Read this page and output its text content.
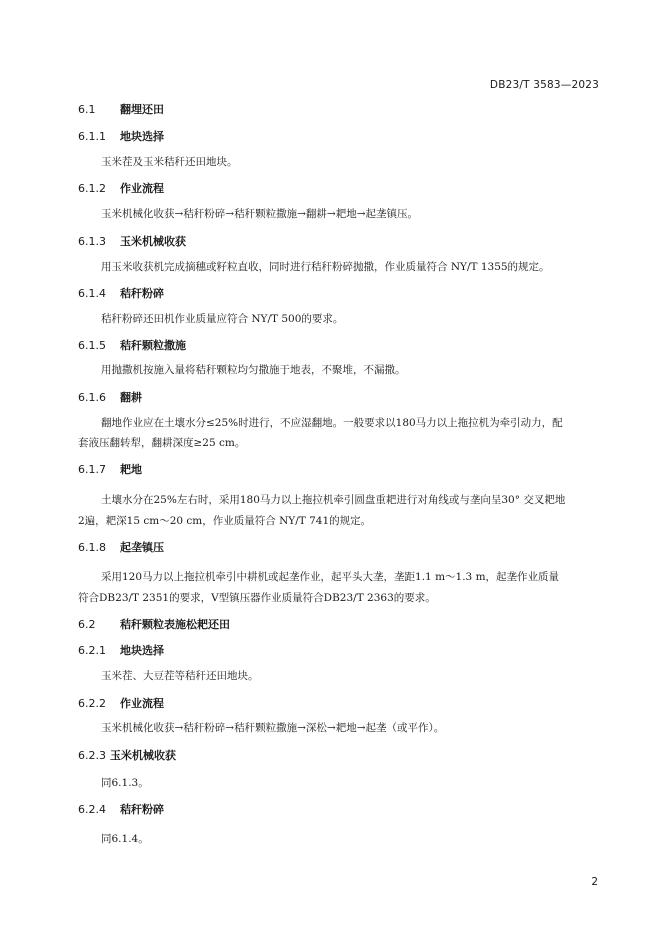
DB23/T 3583—2023
6.1 翻埋还田
6.1.1 地块选择
玉米茬及玉米秸秆还田地块。
6.1.2 作业流程
玉米机械化收获→秸秆粉碎→秸秆颗粒撒施→翻耕→耙地→起垄镇压。
6.1.3 玉米机械收获
用玉米收获机完成摘穗或籽粒直收，同时进行秸秆粉碎抛撒，作业质量符合 NY/T 1355的规定。
6.1.4 秸秆粉碎
秸秆粉碎还田机作业质量应符合 NY/T 500的要求。
6.1.5 秸秆颗粒撒施
用抛撒机按施入量将秸秆颗粒均匀撒施于地表，不聚堆，不漏撒。
6.1.6 翻耕
翻地作业应在土壤水分≤25%时进行，不应湿翻地。一般要求以180马力以上拖拉机为牵引动力，配
套液压翻转犁，翻耕深度≥25 cm。
6.1.7 耙地
土壤水分在25%左右时，采用180马力以上拖拉机牵引圆盘重耙进行对角线或与垄向呈30° 交叉耙地
2遍，耙深15 cm～20 cm，作业质量符合 NY/T 741的规定。
6.1.8 起垄镇压
采用120马力以上拖拉机牵引中耕机或起垄作业，起平头大垄，垄距1.1 m～1.3 m，起垄作业质量
符合DB23/T 2351的要求，V型镇压器作业质量符合DB23/T 2363的要求。
6.2 秸秆颗粒表施松耙还田
6.2.1 地块选择
玉米茬、大豆茬等秸秆还田地块。
6.2.2 作业流程
玉米机械化收获→秸秆粉碎→秸秆颗粒撒施→深松→耙地→起垄（或平作）。
6.2.3 玉米机械收获
同6.1.3。
6.2.4 秸秆粉碎
同6.1.4。
2
